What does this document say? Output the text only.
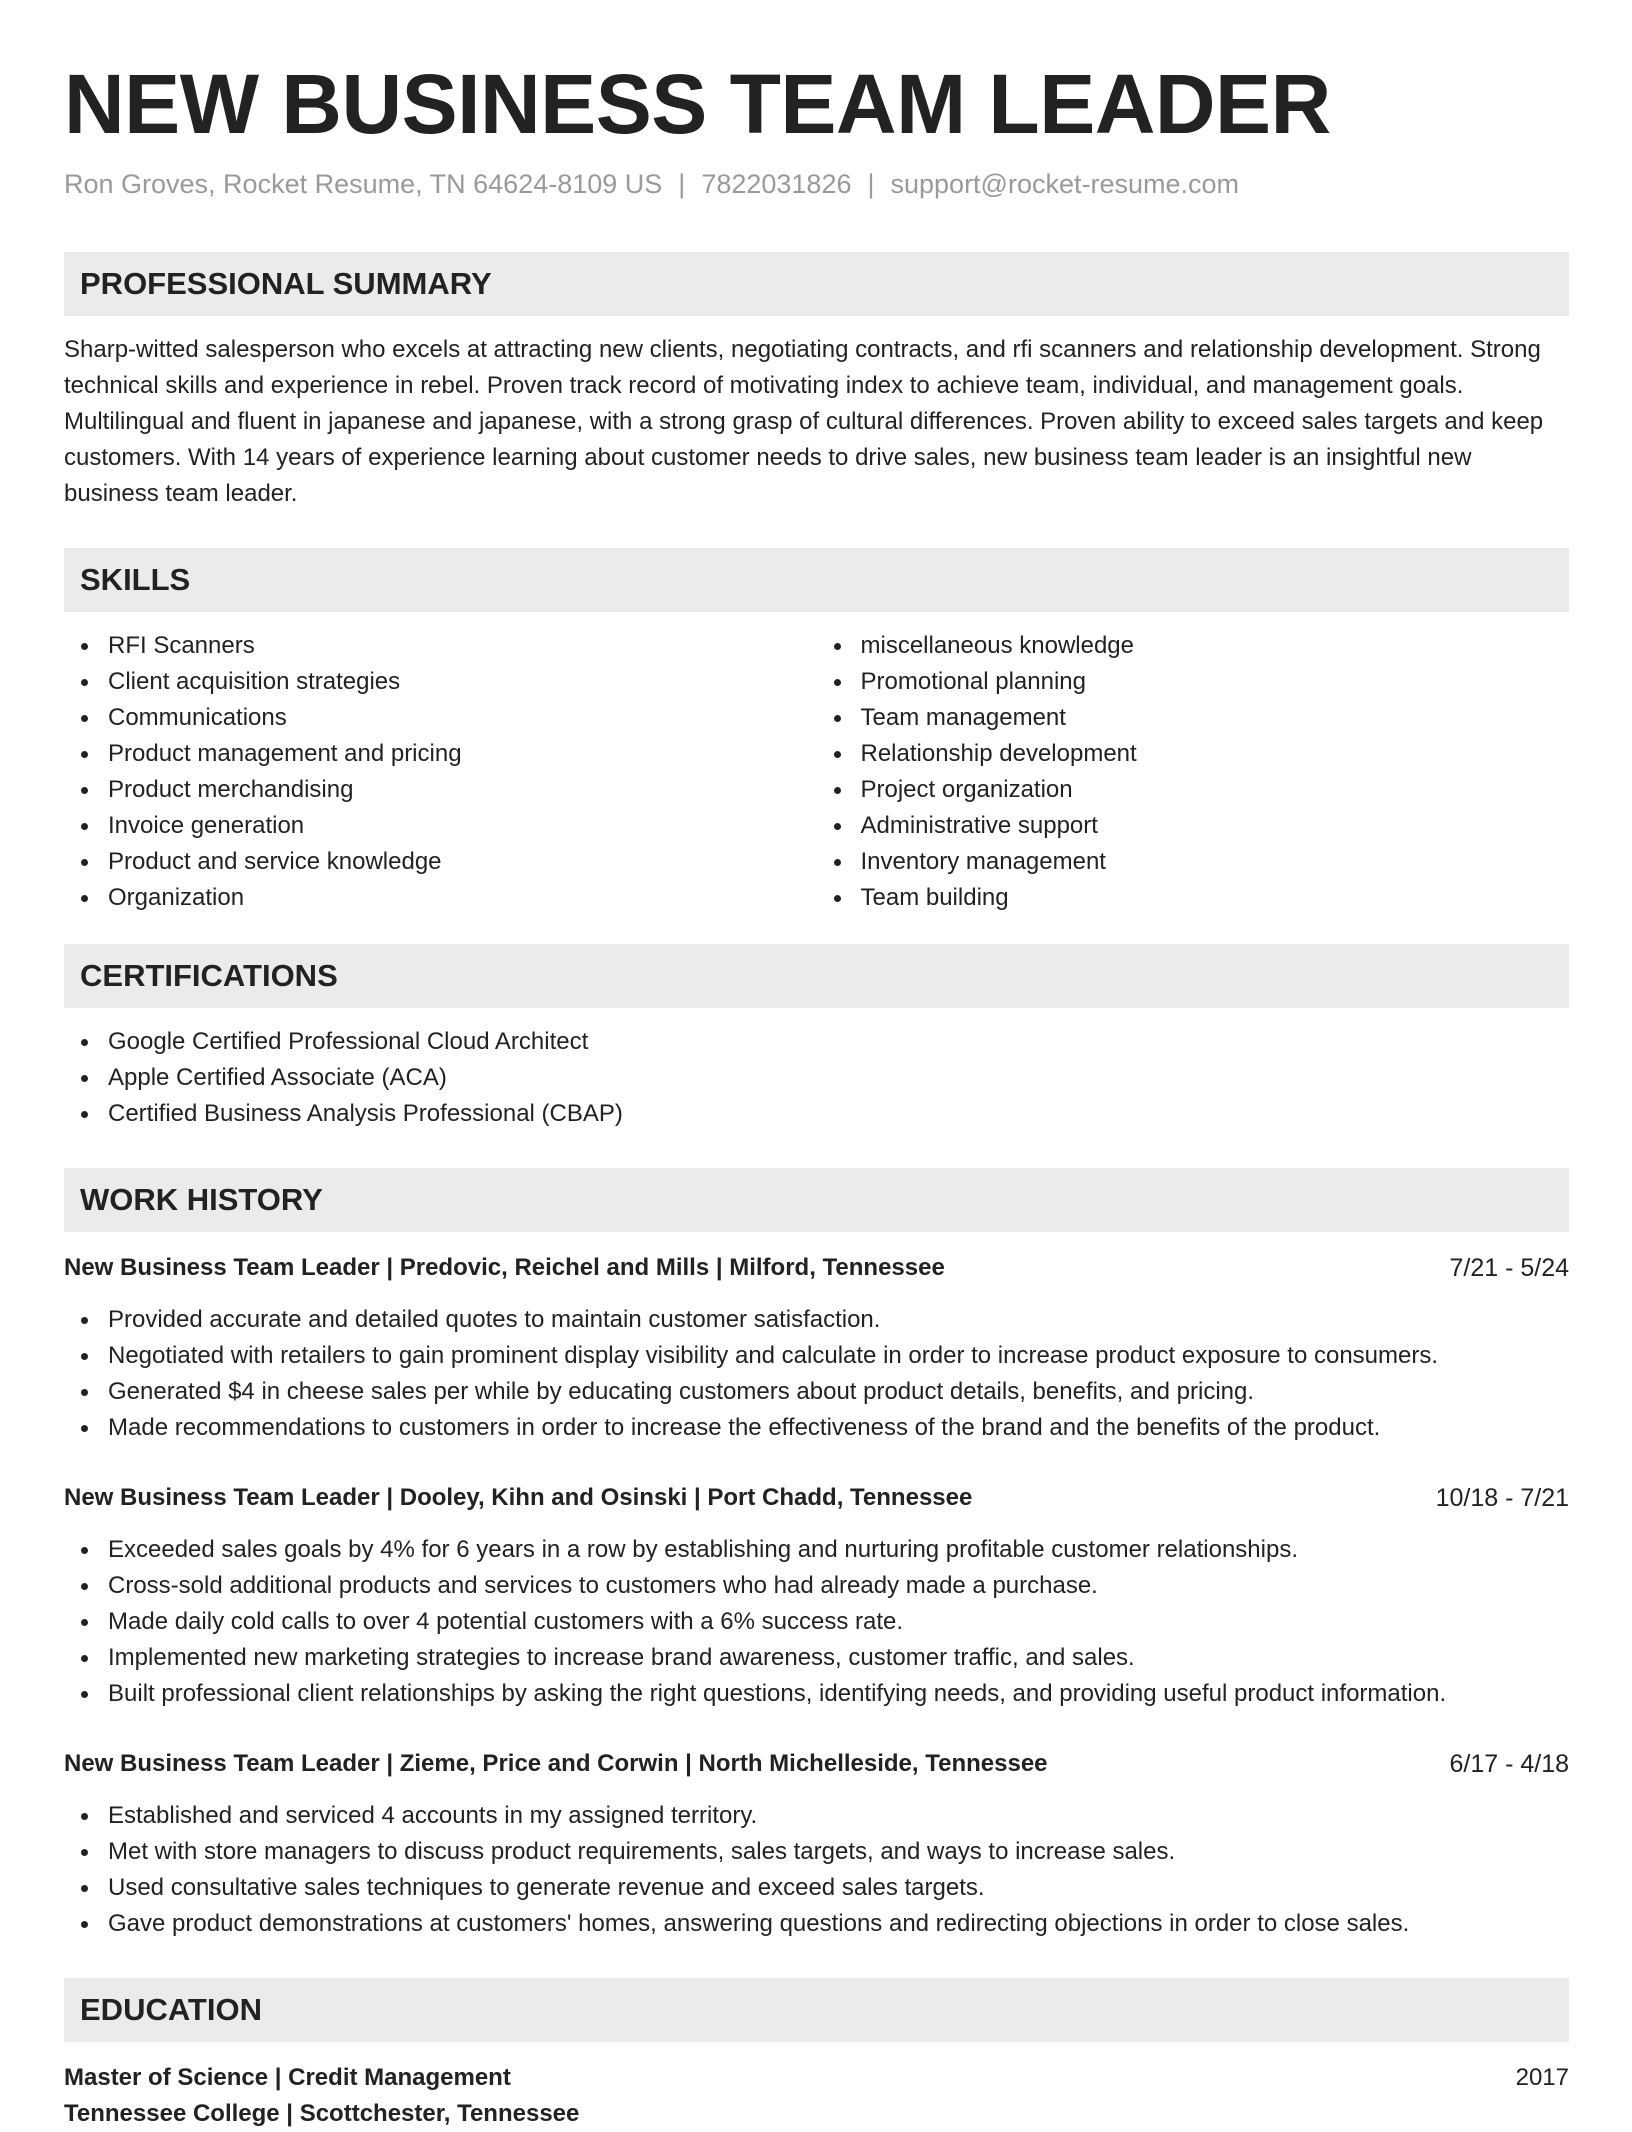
NEW BUSINESS TEAM LEADER
Ron Groves, Rocket Resume, TN 64624-8109 US | 7822031826 | support@rocket-resume.com
PROFESSIONAL SUMMARY
Sharp-witted salesperson who excels at attracting new clients, negotiating contracts, and rfi scanners and relationship development. Strong technical skills and experience in rebel. Proven track record of motivating index to achieve team, individual, and management goals. Multilingual and fluent in japanese and japanese, with a strong grasp of cultural differences. Proven ability to exceed sales targets and keep customers. With 14 years of experience learning about customer needs to drive sales, new business team leader is an insightful new business team leader.
SKILLS
RFI Scanners
Client acquisition strategies
Communications
Product management and pricing
Product merchandising
Invoice generation
Product and service knowledge
Organization
miscellaneous knowledge
Promotional planning
Team management
Relationship development
Project organization
Administrative support
Inventory management
Team building
CERTIFICATIONS
Google Certified Professional Cloud Architect
Apple Certified Associate (ACA)
Certified Business Analysis Professional (CBAP)
WORK HISTORY
New Business Team Leader | Predovic, Reichel and Mills | Milford, Tennessee	7/21 - 5/24
Provided accurate and detailed quotes to maintain customer satisfaction.
Negotiated with retailers to gain prominent display visibility and calculate in order to increase product exposure to consumers.
Generated $4 in cheese sales per while by educating customers about product details, benefits, and pricing.
Made recommendations to customers in order to increase the effectiveness of the brand and the benefits of the product.
New Business Team Leader | Dooley, Kihn and Osinski | Port Chadd, Tennessee	10/18 - 7/21
Exceeded sales goals by 4% for 6 years in a row by establishing and nurturing profitable customer relationships.
Cross-sold additional products and services to customers who had already made a purchase.
Made daily cold calls to over 4 potential customers with a 6% success rate.
Implemented new marketing strategies to increase brand awareness, customer traffic, and sales.
Built professional client relationships by asking the right questions, identifying needs, and providing useful product information.
New Business Team Leader | Zieme, Price and Corwin | North Michelleside, Tennessee	6/17 - 4/18
Established and serviced 4 accounts in my assigned territory.
Met with store managers to discuss product requirements, sales targets, and ways to increase sales.
Used consultative sales techniques to generate revenue and exceed sales targets.
Gave product demonstrations at customers' homes, answering questions and redirecting objections in order to close sales.
EDUCATION
Master of Science | Credit Management	2017
Tennessee College | Scottchester, Tennessee
